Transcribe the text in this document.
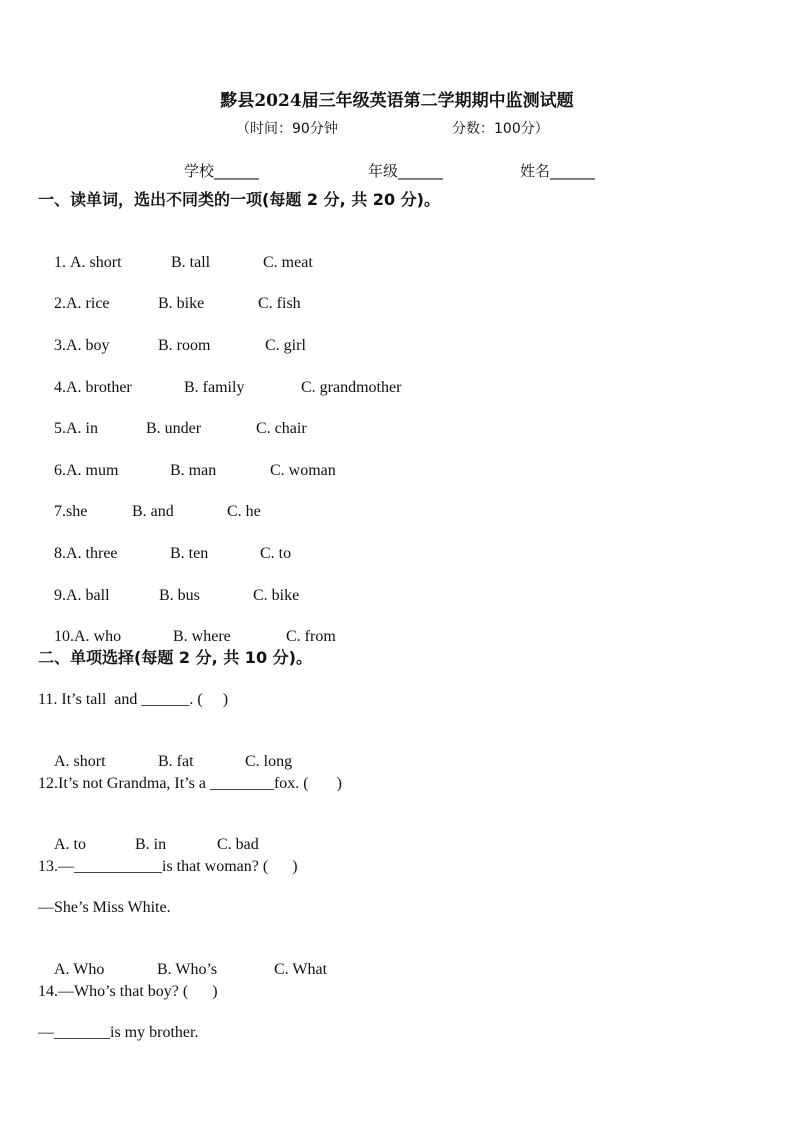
黟县2024届三年级英语第二学期期中监测试题
（时间：90分钟	分数：100分）
学校______	年级______	姓名______
一、读单词，选出不同类的一项(每题 2 分, 共 20 分)。

1. A. short	B. tall	C. meat

2.A. rice	B. bike	C. fish

3.A. boy	B. room	C. girl

4.A. brother	B. family	C. grandmother

5.A. in	B. under	C. chair

6.A. mum	B. man	C. woman

7.she	B. and	C. he

8.A. three	B. ten	C. to

9.A. ball	B. bus	C. bike

10.A. who	B. where	C. from

二、单项选择(每题 2 分, 共 10 分)。
11. It’s tall  and ______. (     )

A. short	B. fat	C. long

12.It’s not Grandma, It’s a ________fox. (       )

A. to	B. in	C. bad

13.—___________is that woman? (      )
—She’s Miss White.

A. Who	B. Who’s	C. What

14.—Who’s that boy? (      )
—_______is my brother.
